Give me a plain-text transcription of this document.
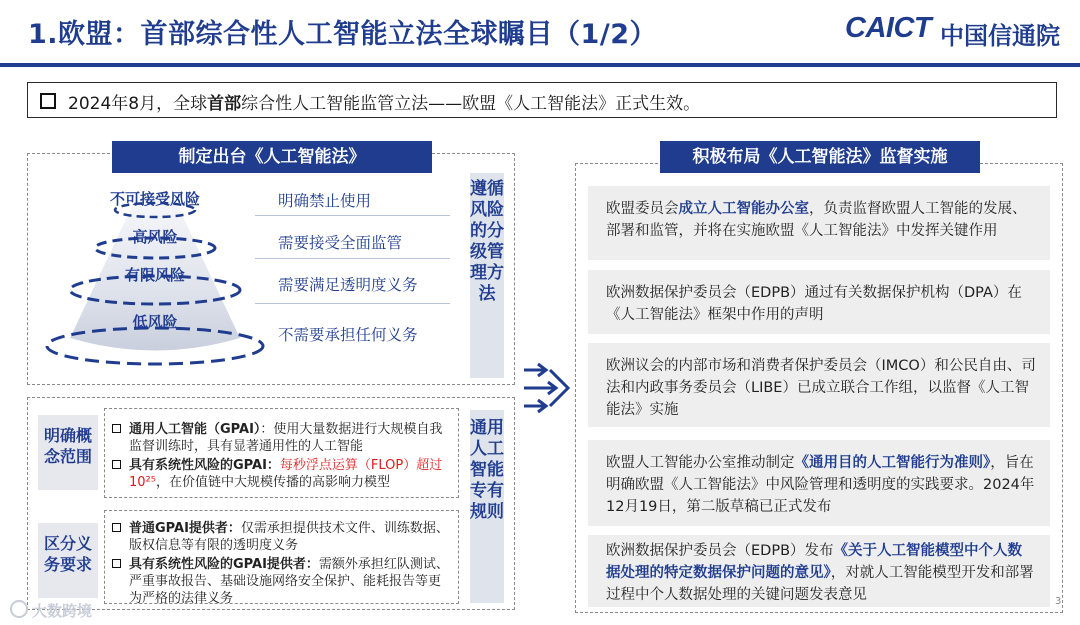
1.欧盟：首部综合性人工智能立法全球瞩目（1/2）	CAICT 中国信通院
2024年8月，全球首部综合性人工智能监管立法——欧盟《人工智能法》正式生效。
制定出台《人工智能法》
不可接受风险
高风险
有限风险
低风险
明确禁止使用
需要接受全面监管
需要满足透明度义务
不需要承担任何义务
遵循风险的分级管理方法
明确概念范围
通用人工智能（GPAI）：使用大量数据进行大规模自我监督训练时，具有显著通用性的人工智能
具有系统性风险的GPAI：每秒浮点运算（FLOP）超过10²⁵，在价值链中大规模传播的高影响力模型
区分义务要求
普通GPAI提供者：仅需承担提供技术文件、训练数据、版权信息等有限的透明度义务
具有系统性风险的GPAI提供者：需额外承担红队测试、严重事故报告、基础设施网络安全保护、能耗报告等更为严格的法律义务
通用人工智能专有规则
积极布局《人工智能法》监督实施
欧盟委员会成立人工智能办公室，负责监督欧盟人工智能的发展、部署和监管，并将在实施欧盟《人工智能法》中发挥关键作用
欧洲数据保护委员会（EDPB）通过有关数据保护机构（DPA）在《人工智能法》框架中作用的声明
欧洲议会的内部市场和消费者保护委员会（IMCO）和公民自由、司法和内政事务委员会（LIBE）已成立联合工作组，以监督《人工智能法》实施
欧盟人工智能办公室推动制定《通用目的人工智能行为准则》，旨在明确欧盟《人工智能法》中风险管理和透明度的实践要求。2024年12月19日，第二版草稿已正式发布
欧洲数据保护委员会（EDPB）发布《关于人工智能模型中个人数据处理的特定数据保护问题的意见》，对就人工智能模型开发和部署过程中个人数据处理的关键问题发表意见
大数跨境
3
